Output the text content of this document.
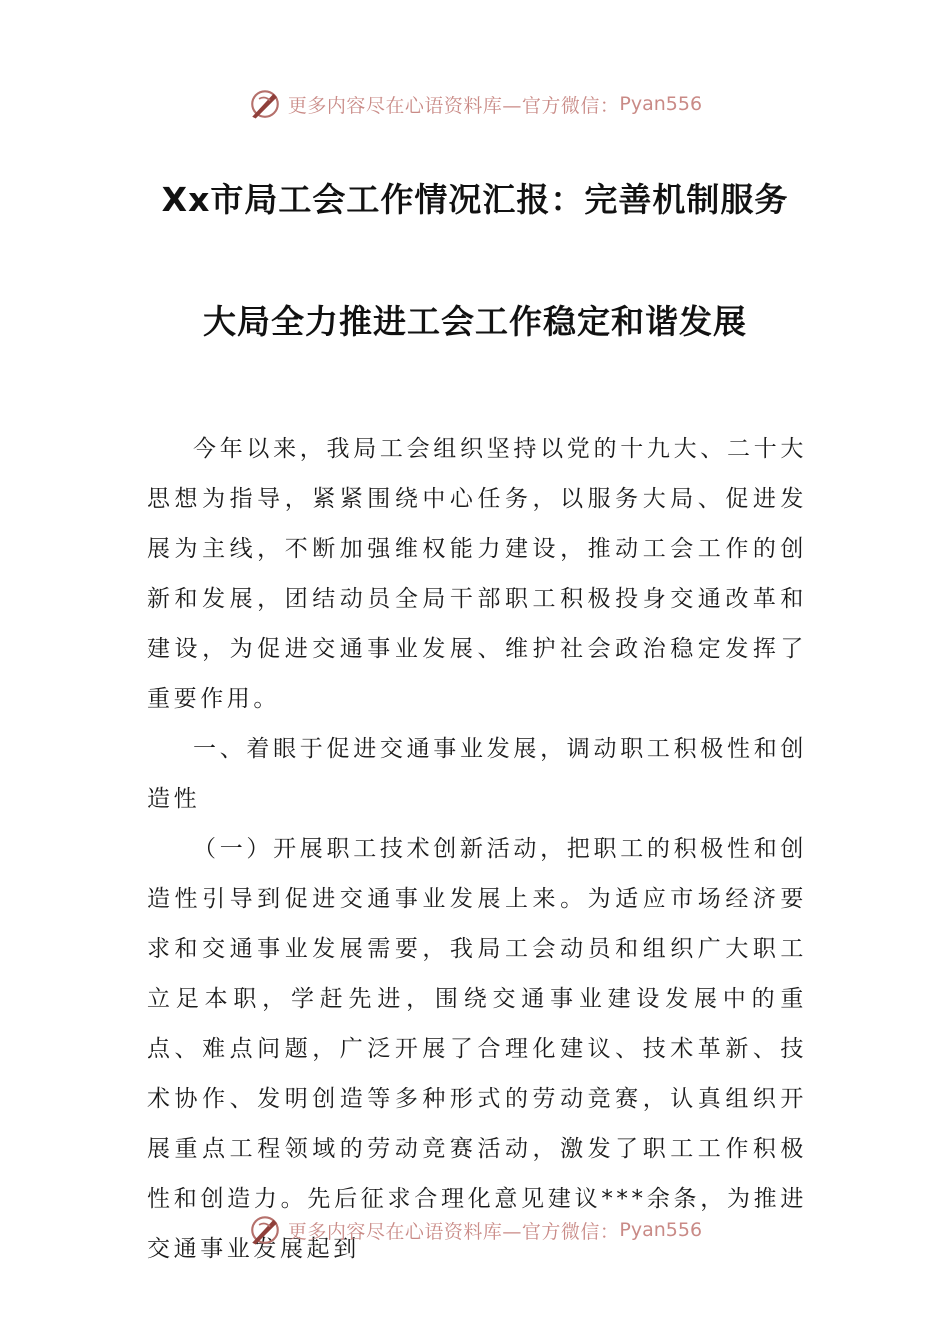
更多内容尽在心语资料库—官方微信： Pyan556
Xx市局工会工作情况汇报：完善机制服务
大局全力推进工会工作稳定和谐发展

今年以来，我局工会组织坚持以党的十九大、二十大思想为指导，紧紧围绕中心任务，以服务大局、促进发展为主线，不断加强维权能力建设，推动工会工作的创新和发展，团结动员全局干部职工积极投身交通改革和建设，为促进交通事业发展、维护社会政治稳定发挥了重要作用。

一、着眼于促进交通事业发展，调动职工积极性和创造性

（一）开展职工技术创新活动，把职工的积极性和创造性引导到促进交通事业发展上来。为适应市场经济要求和交通事业发展需要，我局工会动员和组织广大职工立足本职，学赶先进，围绕交通事业建设发展中的重点、难点问题，广泛开展了合理化建议、技术革新、技术协作、发明创造等多种形式的劳动竞赛，认真组织开展重点工程领域的劳动竞赛活动，激发了职工工作积极性和创造力。先后征求合理化意见建议***余条，为推进交通事业发展起到

更多内容尽在心语资料库—官方微信： Pyan556
